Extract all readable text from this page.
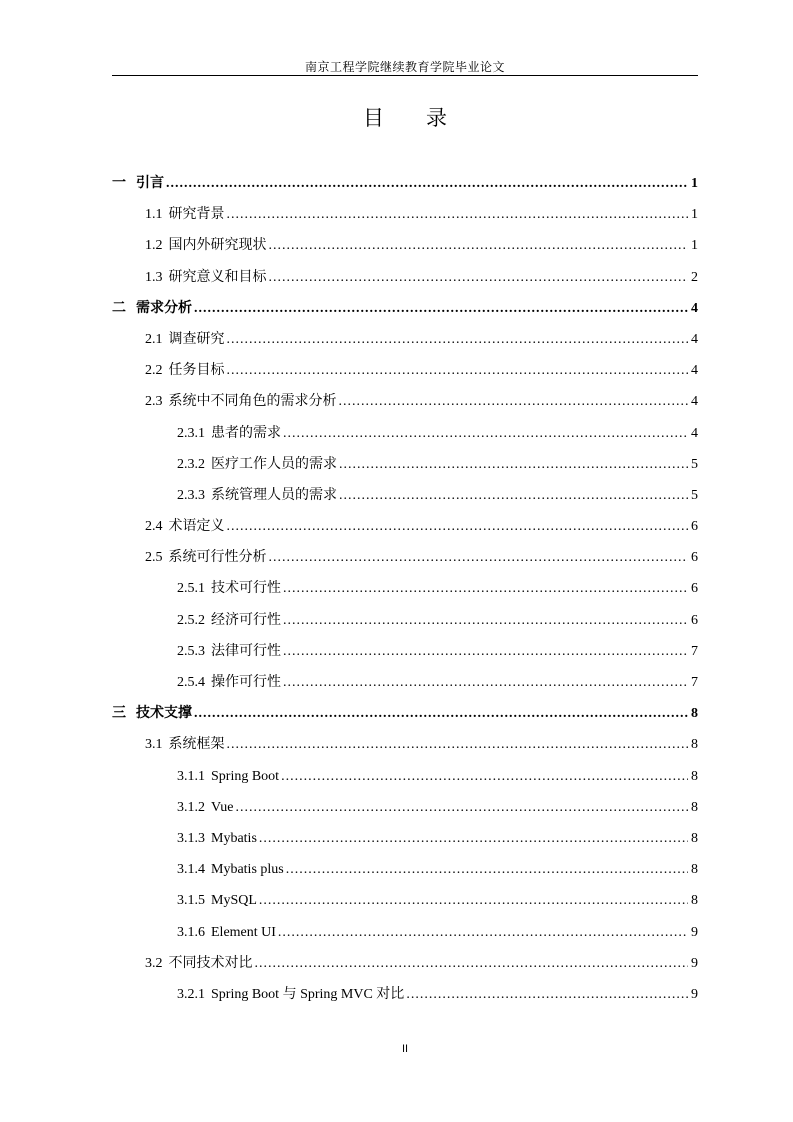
南京工程学院继续教育学院毕业论文
目 录
一 引言 .....	1
1.1 研究背景 .....	1
1.2 国内外研究现状 .....	1
1.3 研究意义和目标 .....	2
二 需求分析 .....	4
2.1 调查研究 .....	4
2.2 任务目标 .....	4
2.3 系统中不同角色的需求分析 .....	4
2.3.1 患者的需求 .....	4
2.3.2 医疗工作人员的需求 .....	5
2.3.3 系统管理人员的需求 .....	5
2.4 术语定义 .....	6
2.5 系统可行性分析 .....	6
2.5.1 技术可行性 .....	6
2.5.2 经济可行性 .....	6
2.5.3 法律可行性 .....	7
2.5.4 操作可行性 .....	7
三 技术支撑 .....	8
3.1 系统框架 .....	8
3.1.1 Spring Boot .....	8
3.1.2 Vue .....	8
3.1.3 Mybatis .....	8
3.1.4 Mybatis plus .....	8
3.1.5 MySQL .....	8
3.1.6 Element UI .....	9
3.2 不同技术对比 .....	9
3.2.1 Spring Boot 与 Spring MVC 对比 .....	9
II
